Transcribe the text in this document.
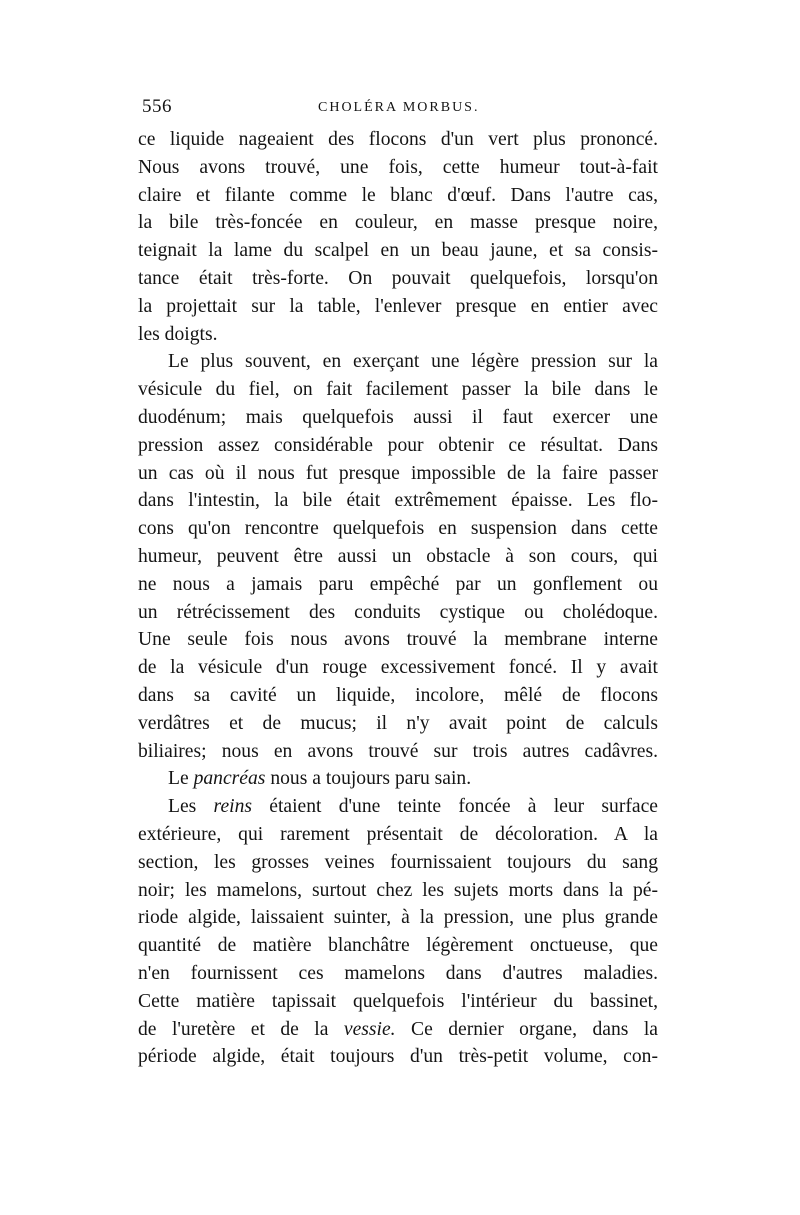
556	CHOLÉRA MORBUS.
ce liquide nageaient des flocons d'un vert plus prononcé.
Nous avons trouvé, une fois, cette humeur tout-à-fait
claire et filante comme le blanc d'œuf. Dans l'autre cas,
la bile très-foncée en couleur, en masse presque noire,
teignait la lame du scalpel en un beau jaune, et sa consis-
tance était très-forte. On pouvait quelquefois, lorsqu'on
la projettait sur la table, l'enlever presque en entier avec
les doigts.
Le plus souvent, en exerçant une légère pression sur la
vésicule du fiel, on fait facilement passer la bile dans le
duodénum; mais quelquefois aussi il faut exercer une
pression assez considérable pour obtenir ce résultat. Dans
un cas où il nous fut presque impossible de la faire passer
dans l'intestin, la bile était extrêmement épaisse. Les flo-
cons qu'on rencontre quelquefois en suspension dans cette
humeur, peuvent être aussi un obstacle à son cours, qui
ne nous a jamais paru empêché par un gonflement ou
un rétrécissement des conduits cystique ou cholédoque.
Une seule fois nous avons trouvé la membrane interne
de la vésicule d'un rouge excessivement foncé. Il y avait
dans sa cavité un liquide, incolore, mêlé de flocons
verdâtres et de mucus; il n'y avait point de calculs
biliaires; nous en avons trouvé sur trois autres cadâvres.
Le pancréas nous a toujours paru sain.
Les reins étaient d'une teinte foncée à leur surface
extérieure, qui rarement présentait de décoloration. A la
section, les grosses veines fournissaient toujours du sang
noir; les mamelons, surtout chez les sujets morts dans la pé-
riode algide, laissaient suinter, à la pression, une plus grande
quantité de matière blanchâtre légèrement onctueuse, que
n'en fournissent ces mamelons dans d'autres maladies.
Cette matière tapissait quelquefois l'intérieur du bassinet,
de l'uretère et de la vessie. Ce dernier organe, dans la
période algide, était toujours d'un très-petit volume, con-
